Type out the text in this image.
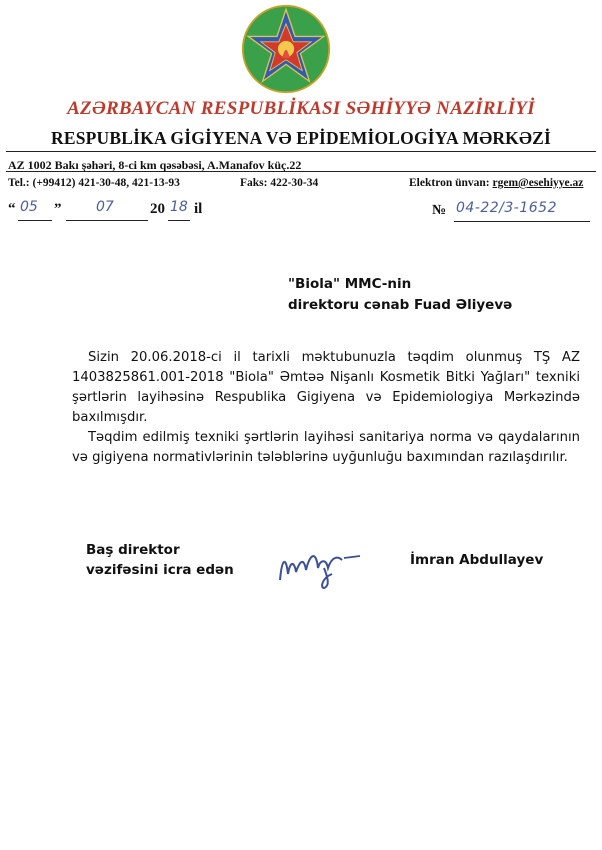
AZƏRBAYCAN RESPUBLİKASI SƏHİYYƏ NAZİRLİYİ
RESPUBLİKA GİGİYENA VƏ EPİDEMİOLOGİYA MƏRKƏZİ
AZ 1002 Bakı şəhəri, 8-ci km qəsəbəsi, A.Manafov küç.22
Tel.: (+99412) 421-30-48, 421-13-93	Faks: 422-30-34	Elektron ünvan: rgem@esehiyye.az
“ 05 ” 07 20 18 il	№ 04-22/3-1652
"Biola" MMC-nin
direktoru cənab Fuad Əliyevə

Sizin 20.06.2018-ci il tarixli məktubunuzla təqdim olunmuş TŞ AZ 1403825861.001-2018 "Biola" Əmtəə Nişanlı Kosmetik Bitki Yağları" texniki şərtlərin layihəsinə Respublika Gigiyena və Epidemiologiya Mərkəzində baxılmışdır.

Təqdim edilmiş texniki şərtlərin layihəsi sanitariya norma və qaydalarının və gigiyena normativlərinin tələblərinə uyğunluğu baxımından razılaşdırılır.

Baş direktor
vəzifəsini icra edən
İmran Abdullayev
